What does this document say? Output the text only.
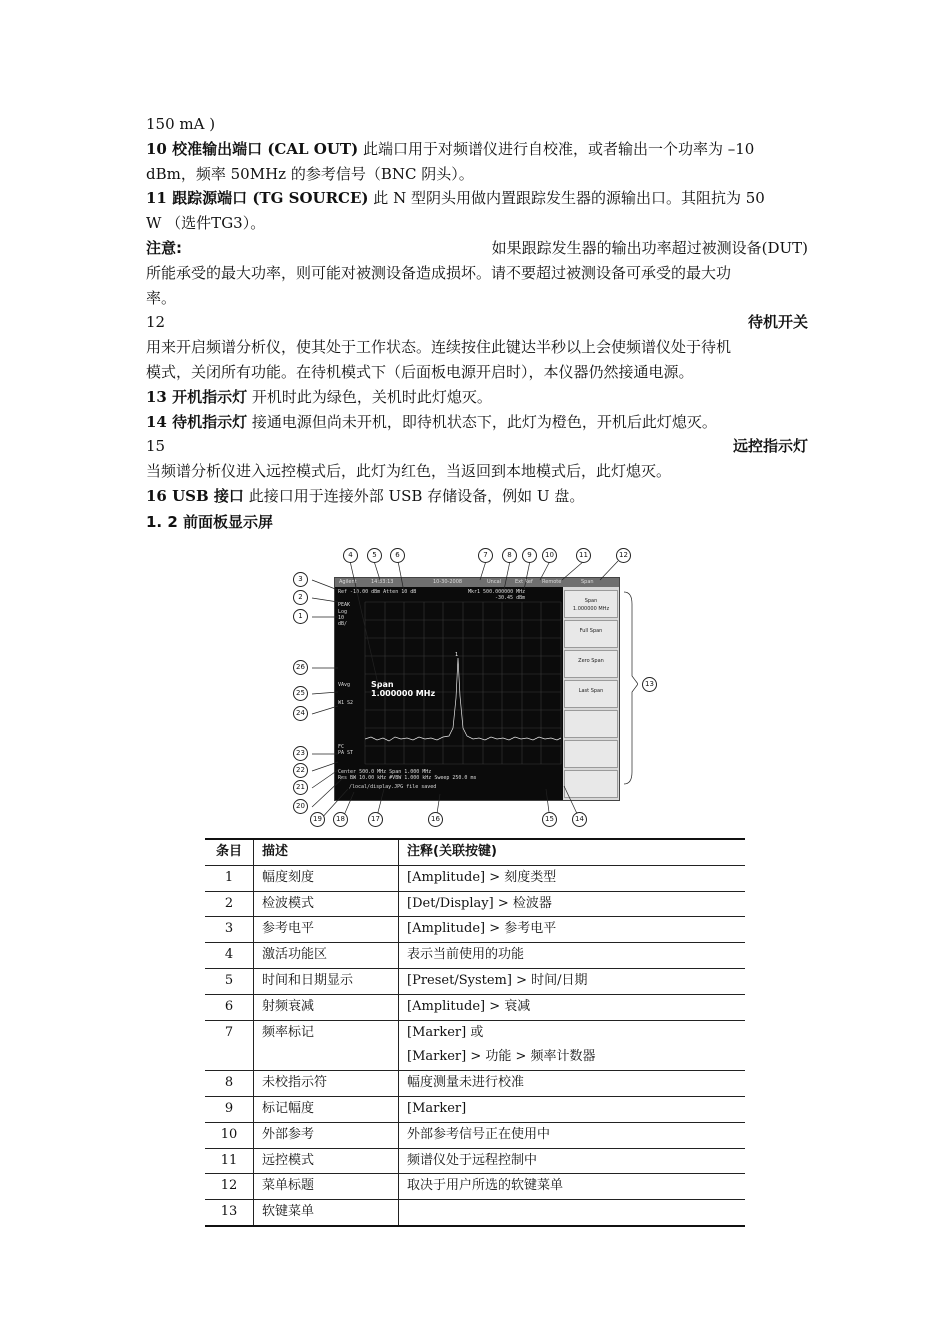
150 mA )
10 校准输出端口 (CAL OUT) 此端口用于对频谱仪进行自校准，或者输出一个功率为 –10
dBm，频率 50MHz 的参考信号（BNC 阴头）。
11 跟踪源端口 (TG SOURCE) 此 N 型阴头用做内置跟踪发生器的源输出口。其阻抗为 50
W （选件TG3）。
注意:	如果跟踪发生器的输出功率超过被测设备(DUT)
所能承受的最大功率，则可能对被测设备造成损坏。请不要超过被测设备可承受的最大功
率。
12	待机开关
用来开启频谱分析仪，使其处于工作状态。连续按住此键达半秒以上会使频谱仪处于待机
模式，关闭所有功能。在待机模式下（后面板电源开启时），本仪器仍然接通电源。
13 开机指示灯 开机时此为绿色，关机时此灯熄灭。
14 待机指示灯 接通电源但尚未开机，即待机状态下，此灯为橙色，开机后此灯熄灭。
15	远控指示灯
当频谱分析仪进入远控模式后，此灯为红色，当返回到本地模式后，此灯熄灭。
16 USB 接口 此接口用于连接外部 USB 存储设备，例如 U 盘。
1. 2 前面板显示屏
Agilent	14:33:13	10-30-2008	Uncal	Ext Ref Remote	Span
Ref -10.00 dBm Atten 10 dB	Mkr1 500.000000 MHz
-30.45 dBm
PEAK
Log
10
dB/
VAvg
W1 S2
FC
PA ST
1
Span
1.000000 MHz
Center 500.0 MHz Span 1.000 MHz
Res BW 10.00 kHz #VBW 1.000 kHz Sweep 250.0 ms
/local/display.JPG file saved
Span
1.000000 MHz
Full Span
Zero Span
Last Span
4	5	6	7	8	9	10	11	12
3
2
1
26
25
24
23
22
21
20
19	18	17	16	15	14
13
条目	描述	注释(关联按键)
1	幅度刻度	[Amplitude] > 刻度类型
2	检波模式	[Det/Display] > 检波器
3	参考电平	[Amplitude] > 参考电平
4	激活功能区	表示当前使用的功能
5	时间和日期显示	[Preset/System] > 时间/日期
6	射频衰减	[Amplitude] > 衰减
7	频率标记	[Marker] 或
[Marker] > 功能 > 频率计数器

8	未校指示符	幅度测量未进行校准
9	标记幅度	[Marker]
10	外部参考	外部参考信号正在使用中
11	远控模式	频谱仪处于远程控制中
12	菜单标题	取决于用户所选的软键菜单
13	软键菜单	
